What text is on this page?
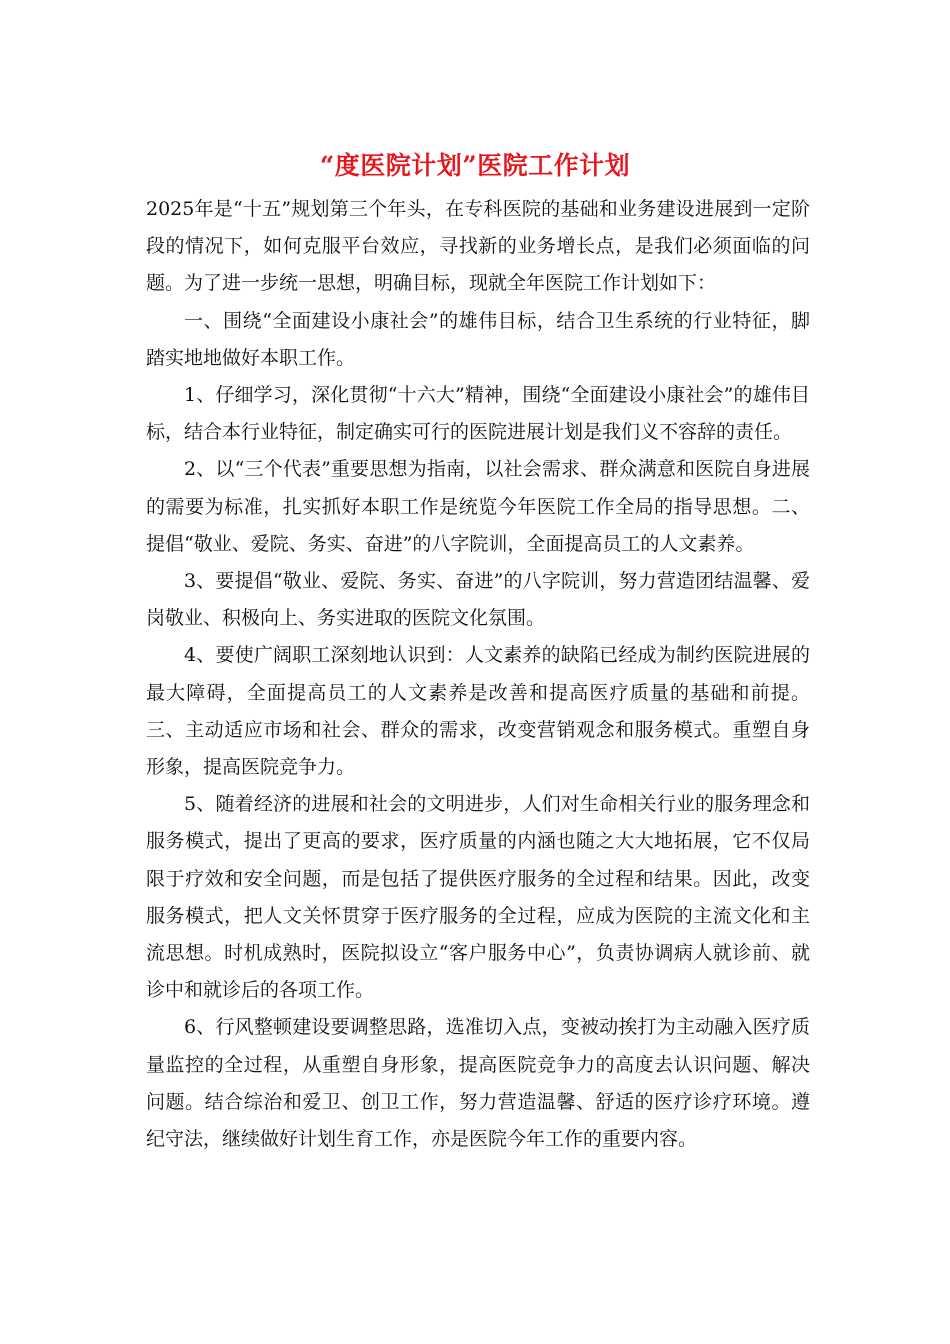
“度医院计划”医院工作计划

2025年是“十五”规划第三个年头，在专科医院的基础和业务建设进展到一定阶段的情况下，如何克服平台效应，寻找新的业务增长点，是我们必须面临的问题。为了进一步统一思想，明确目标，现就全年医院工作计划如下：

一、围绕“全面建设小康社会”的雄伟目标，结合卫生系统的行业特征，脚踏实地地做好本职工作。

1、仔细学习，深化贯彻“十六大”精神，围绕“全面建设小康社会”的雄伟目标，结合本行业特征，制定确实可行的医院进展计划是我们义不容辞的责任。

2、以“三个代表”重要思想为指南，以社会需求、群众满意和医院自身进展的需要为标准，扎实抓好本职工作是统览今年医院工作全局的指导思想。二、提倡“敬业、爱院、务实、奋进”的八字院训，全面提高员工的人文素养。

3、要提倡“敬业、爱院、务实、奋进”的八字院训，努力营造团结温馨、爱岗敬业、积极向上、务实进取的医院文化氛围。

4、要使广阔职工深刻地认识到：人文素养的缺陷已经成为制约医院进展的最大障碍，全面提高员工的人文素养是改善和提高医疗质量的基础和前提。三、主动适应市场和社会、群众的需求，改变营销观念和服务模式。重塑自身形象，提高医院竞争力。

5、随着经济的进展和社会的文明进步，人们对生命相关行业的服务理念和服务模式，提出了更高的要求，医疗质量的内涵也随之大大地拓展，它不仅局限于疗效和安全问题，而是包括了提供医疗服务的全过程和结果。因此，改变服务模式，把人文关怀贯穿于医疗服务的全过程，应成为医院的主流文化和主流思想。时机成熟时，医院拟设立“客户服务中心”，负责协调病人就诊前、就诊中和就诊后的各项工作。

6、行风整顿建设要调整思路，选准切入点，变被动挨打为主动融入医疗质量监控的全过程，从重塑自身形象，提高医院竞争力的高度去认识问题、解决问题。结合综治和爱卫、创卫工作，努力营造温馨、舒适的医疗诊疗环境。遵纪守法，继续做好计划生育工作，亦是医院今年工作的重要内容。
